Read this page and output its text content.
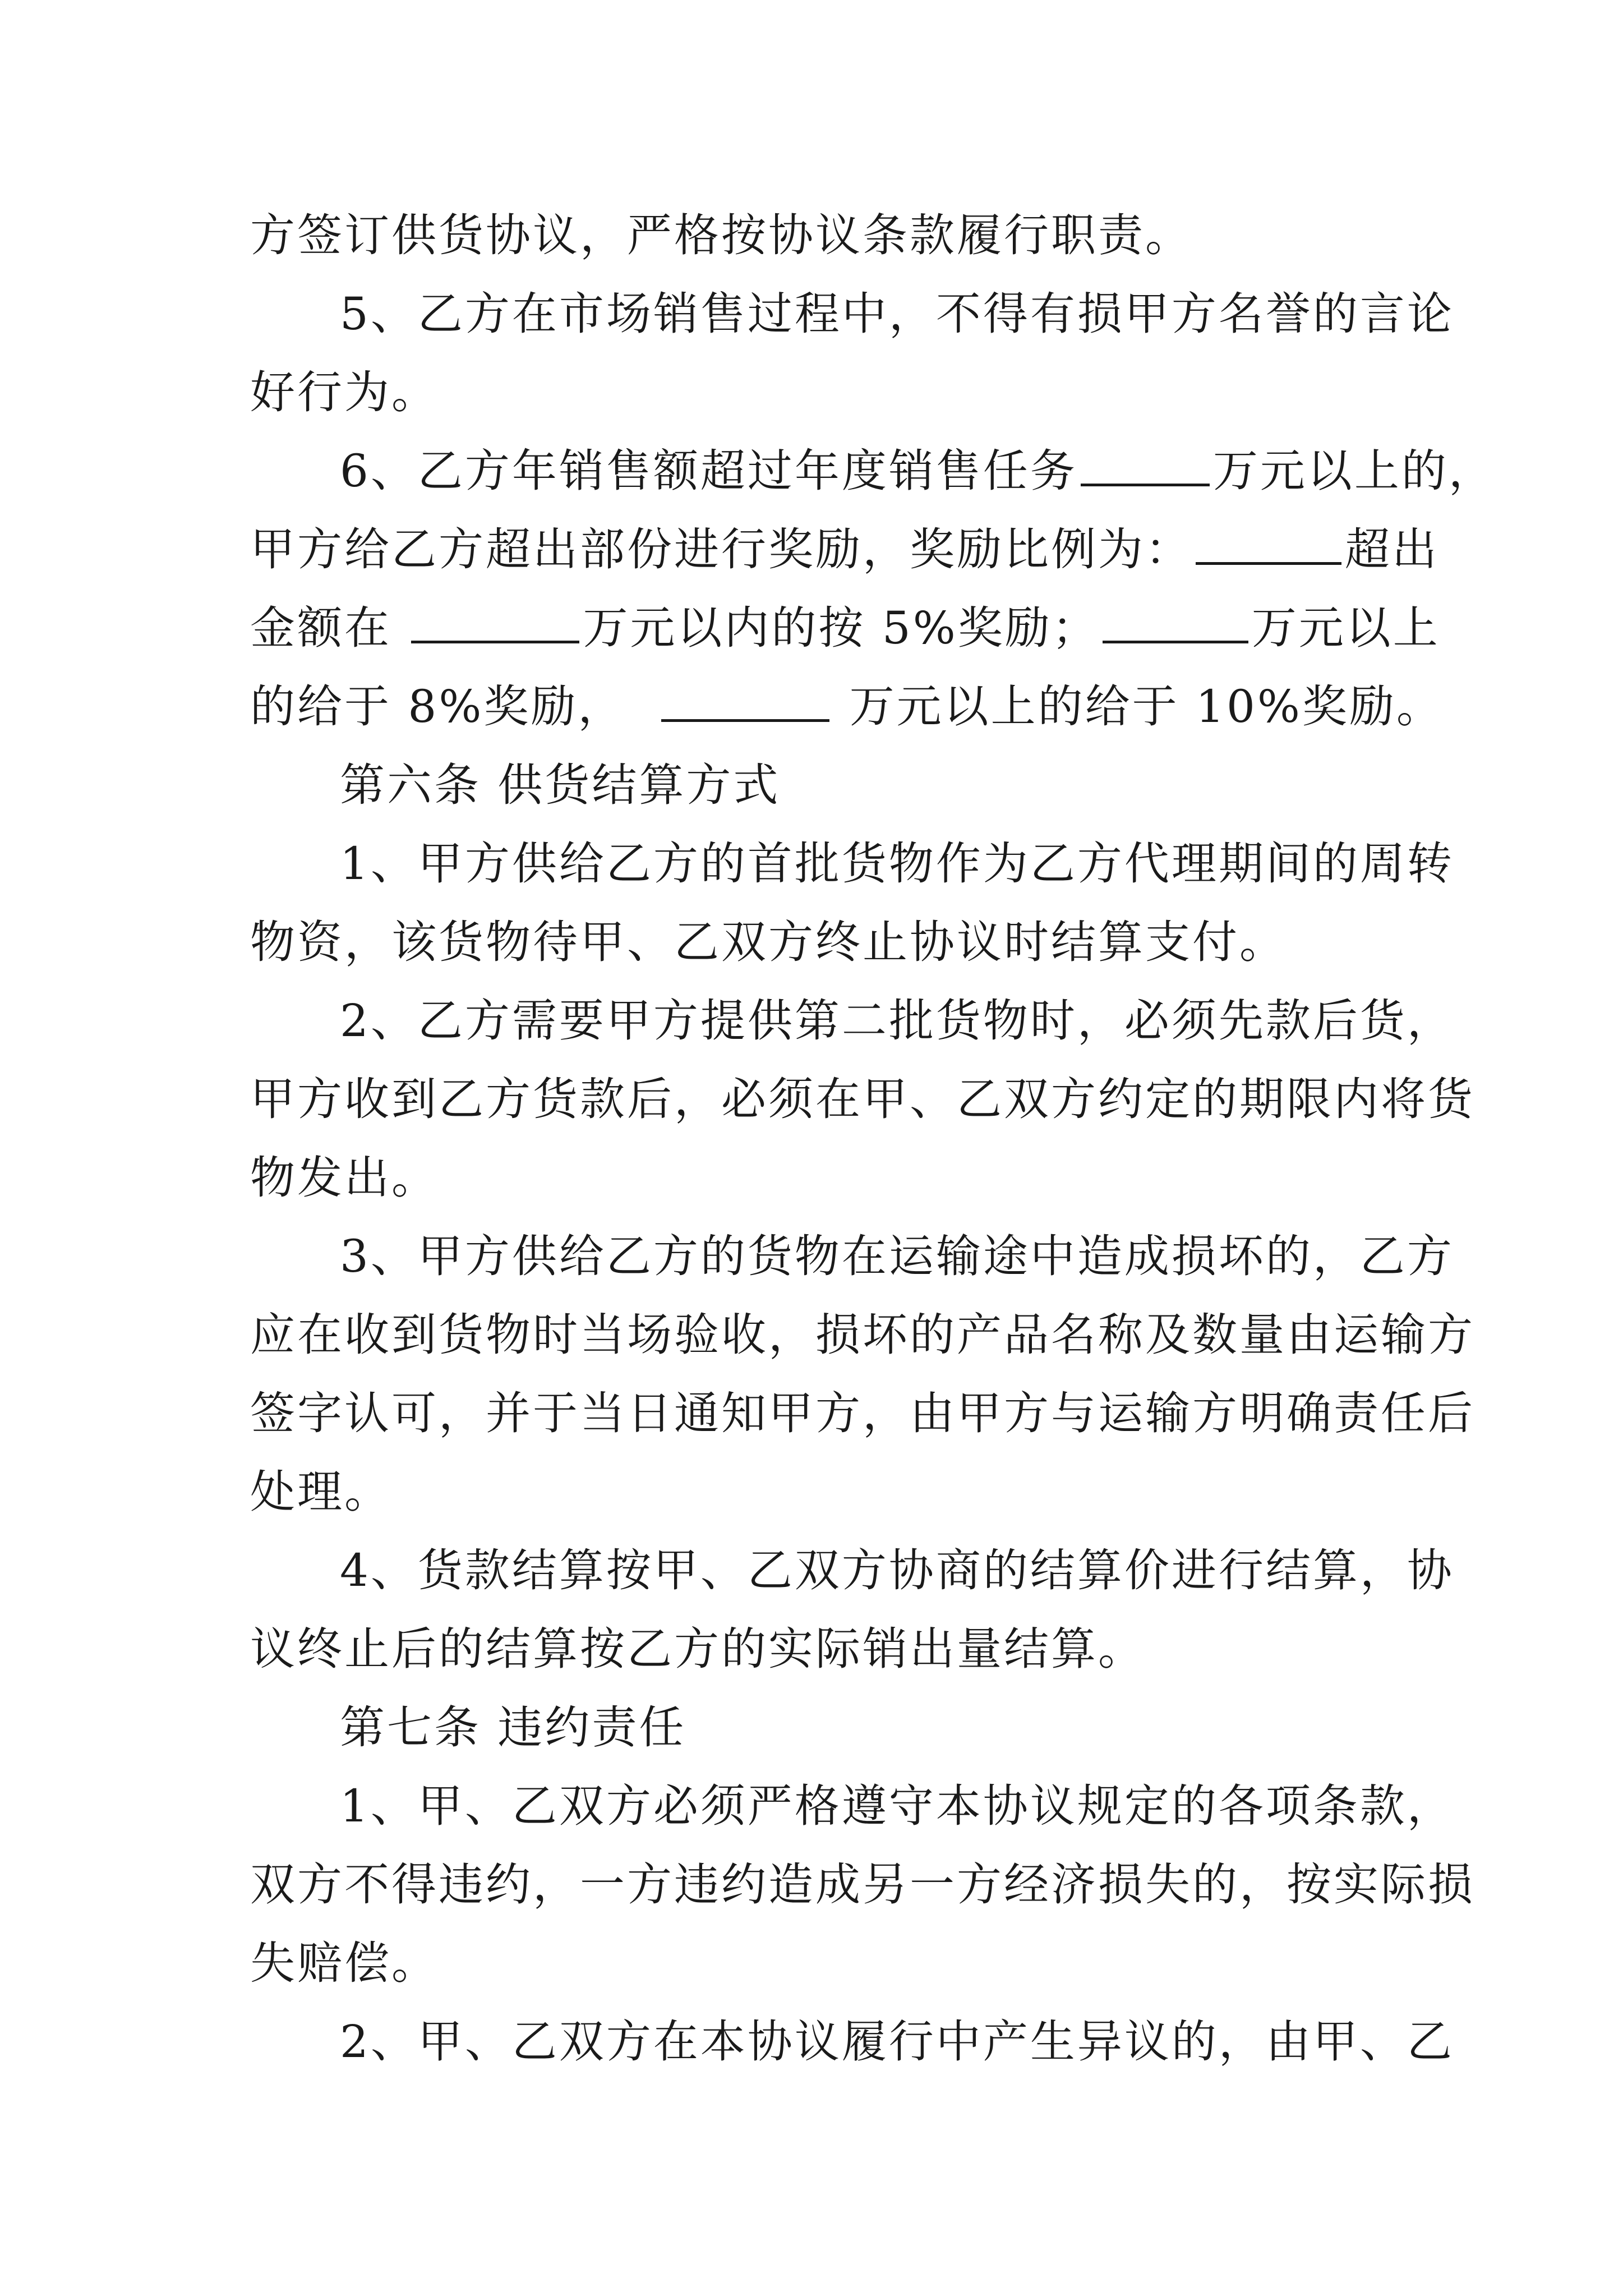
方签订供货协议，严格按协议条款履行职责。
5、乙方在市场销售过程中，不得有损甲方名誉的言论
好行为。
6、乙方年销售额超过年度销售任务	万元以上的，
甲方给乙方超出部份进行奖励，奖励比例为：	超出
金额在	万元以内的按 5%奖励；	万元以上
的给于 8%奖励，	万元以上的给于 10%奖励。
第六条 供货结算方式
1、甲方供给乙方的首批货物作为乙方代理期间的周转
物资，该货物待甲、乙双方终止协议时结算支付。
2、乙方需要甲方提供第二批货物时，必须先款后货，
甲方收到乙方货款后，必须在甲、乙双方约定的期限内将货
物发出。
3、甲方供给乙方的货物在运输途中造成损坏的，乙方
应在收到货物时当场验收，损坏的产品名称及数量由运输方
签字认可，并于当日通知甲方，由甲方与运输方明确责任后
处理。
4、货款结算按甲、乙双方协商的结算价进行结算，协
议终止后的结算按乙方的实际销出量结算。
第七条 违约责任
1、甲、乙双方必须严格遵守本协议规定的各项条款，
双方不得违约，一方违约造成另一方经济损失的，按实际损
失赔偿。
2、甲、乙双方在本协议履行中产生异议的，由甲、乙
